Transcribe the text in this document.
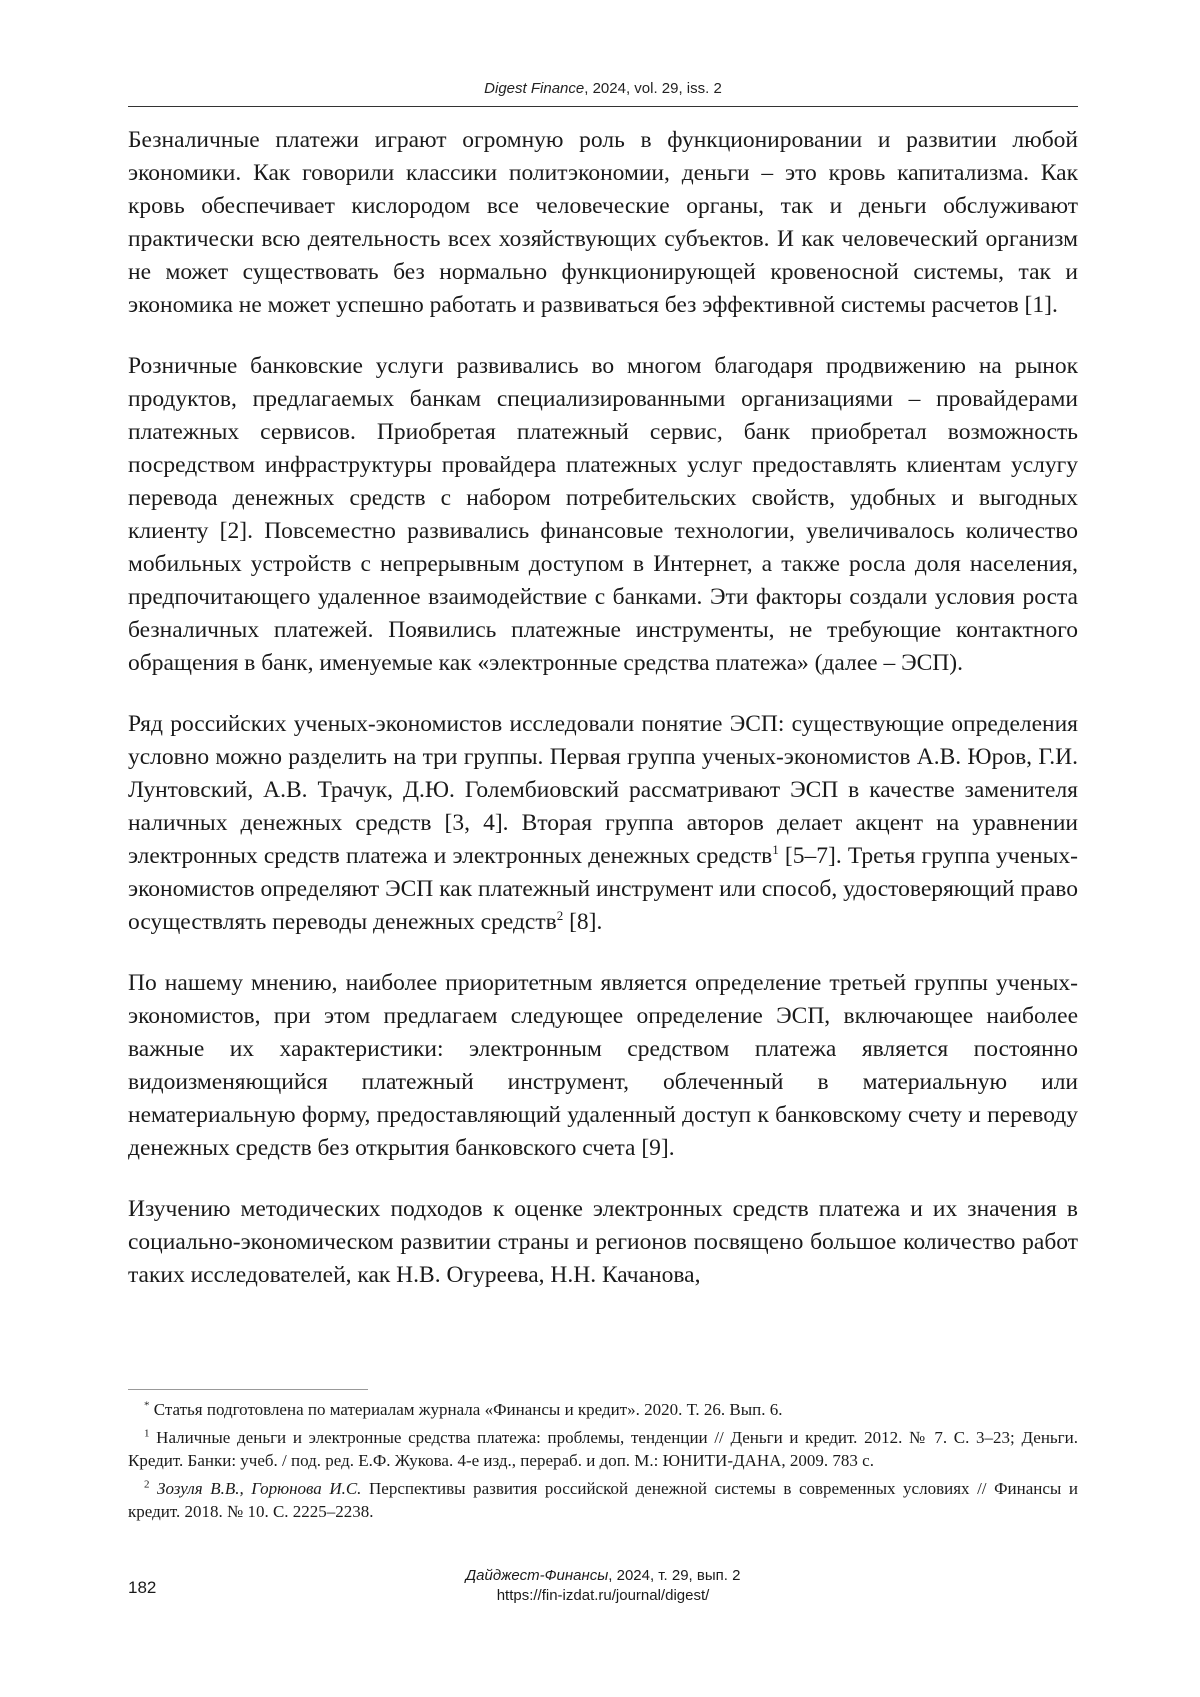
Digest Finance, 2024, vol. 29, iss. 2

Безналичные платежи играют огромную роль в функционировании и развитии любой экономики. Как говорили классики политэкономии, деньги – это кровь капитализма. Как кровь обеспечивает кислородом все человеческие органы, так и деньги обслуживают практически всю деятельность всех хозяйствующих субъектов. И как человеческий организм не может существовать без нормально функционирующей кровеносной системы, так и экономика не может успешно работать и развиваться без эффективной системы расчетов [1].

Розничные банковские услуги развивались во многом благодаря продвижению на рынок продуктов, предлагаемых банкам специализированными организациями – провайдерами платежных сервисов. Приобретая платежный сервис, банк приобретал возможность посредством инфраструктуры провайдера платежных услуг предоставлять клиентам услугу перевода денежных средств с набором потребительских свойств, удобных и выгодных клиенту [2]. Повсеместно развивались финансовые технологии, увеличивалось количество мобильных устройств с непрерывным доступом в Интернет, а также росла доля населения, предпочитающего удаленное взаимодействие с банками. Эти факторы создали условия роста безналичных платежей. Появились платежные инструменты, не требующие контактного обращения в банк, именуемые как «электронные средства платежа» (далее – ЭСП).

Ряд российских ученых-экономистов исследовали понятие ЭСП: существующие определения условно можно разделить на три группы. Первая группа ученых-экономистов А.В. Юров, Г.И. Лунтовский, А.В. Трачук, Д.Ю. Голембиовский рассматривают ЭСП в качестве заменителя наличных денежных средств [3, 4]. Вторая группа авторов делает акцент на уравнении электронных средств платежа и электронных денежных средств$^1$ [5–7]. Третья группа ученых-экономистов определяют ЭСП как платежный инструмент или способ, удостоверяющий право осуществлять переводы денежных средств$^2$ [8].

По нашему мнению, наиболее приоритетным является определение третьей группы ученых-экономистов, при этом предлагаем следующее определение ЭСП, включающее наиболее важные их характеристики: электронным средством платежа является постоянно видоизменяющийся платежный инструмент, облеченный в материальную или нематериальную форму, предоставляющий удаленный доступ к банковскому счету и переводу денежных средств без открытия банковского счета [9].

Изучению методических подходов к оценке электронных средств платежа и их значения в социально-экономическом развитии страны и регионов посвящено большое количество работ таких исследователей, как Н.В. Огуреева, Н.Н. Качанова,

* Статья подготовлена по материалам журнала «Финансы и кредит». 2020. Т. 26. Вып. 6.

$^1$ Наличные деньги и электронные средства платежа: проблемы, тенденции // Деньги и кредит. 2012. № 7. С. 3–23; Деньги. Кредит. Банки: учеб. / под. ред. Е.Ф. Жукова. 4-е изд., перераб. и доп. М.: ЮНИТИ-ДАНА, 2009. 783 с.

$^2$ Зозуля В.В., Горюнова И.С. Перспективы развития российской денежной системы в современных условиях // Финансы и кредит. 2018. № 10. С. 2225–2238.

182
Дайджест-Финансы, 2024, т. 29, вып. 2
https://fin-izdat.ru/journal/digest/
